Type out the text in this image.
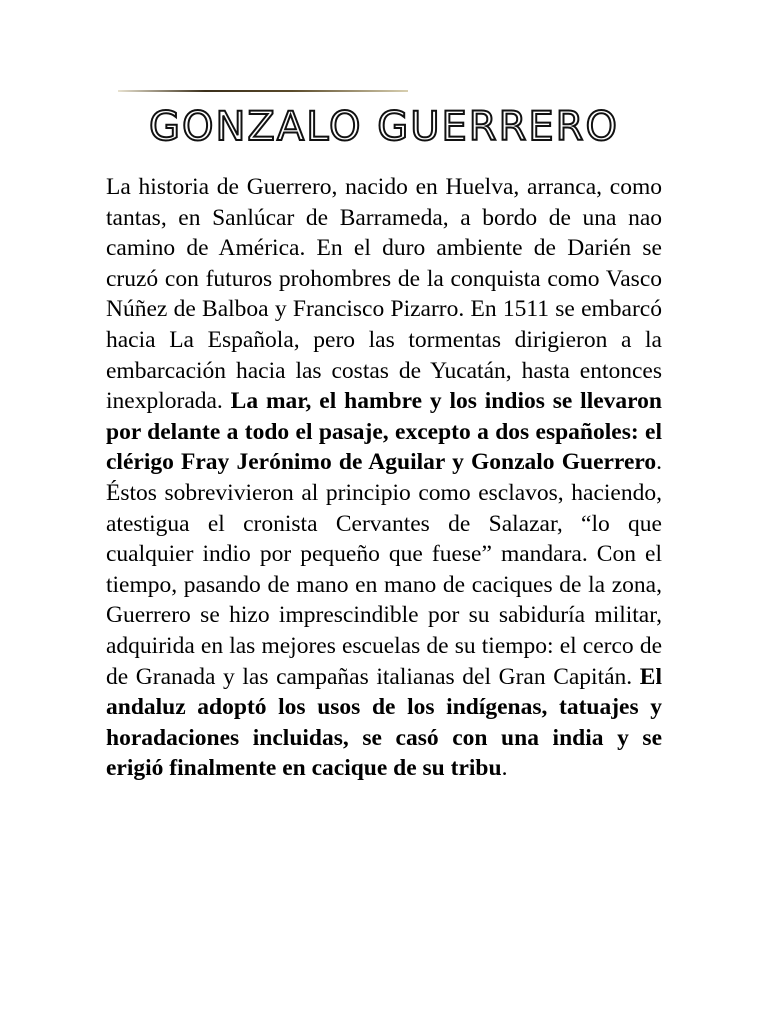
GONZALO GUERRERO

La historia de Guerrero, nacido en Huelva, arranca, como tantas, en Sanlúcar de Barrameda, a bordo de una nao camino de América. En el duro ambiente de Darién se cruzó con futuros prohombres de la conquista como Vasco Núñez de Balboa y Francisco Pizarro. En 1511 se embarcó hacia La Española, pero las tormentas dirigieron a la embarcación hacia las costas de Yucatán, hasta entonces inexplorada. La mar, el hambre y los indios se llevaron por delante a todo el pasaje, excepto a dos españoles: el clérigo Fray Jerónimo de Aguilar y Gonzalo Guerrero. Éstos sobrevivieron al principio como esclavos, haciendo, atestigua el cronista Cervantes de Salazar, “lo que cualquier indio por pequeño que fuese” mandara. Con el tiempo, pasando de mano en mano de caciques de la zona, Guerrero se hizo imprescindible por su sabiduría militar, adquirida en las mejores escuelas de su tiempo: el cerco de de Granada y las campañas italianas del Gran Capitán. El andaluz adoptó los usos de los indígenas, tatuajes y horadaciones incluidas, se casó con una india y se erigió finalmente en cacique de su tribu.
